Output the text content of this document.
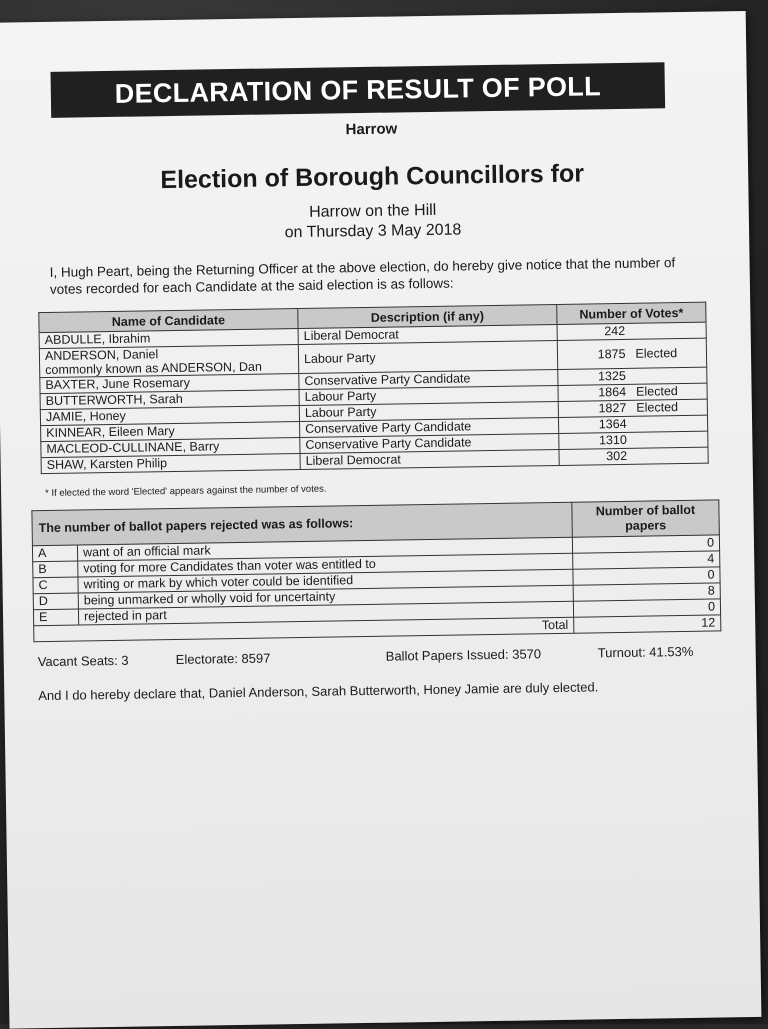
DECLARATION OF RESULT OF POLL
Harrow
Election of Borough Councillors for
Harrow on the Hill
on Thursday 3 May 2018
I, Hugh Peart, being the Returning Officer at the above election, do hereby give notice that the number of votes recorded for each Candidate at the said election is as follows:
Name of Candidate	Description (if any)	Number of Votes*
ABDULLE, Ibrahim	Liberal Democrat	242

ANDERSON, Daniel
commonly known as ANDERSON, Dan	Labour Party	1875 Elected
BAXTER, June Rosemary	Conservative Party Candidate	1325
BUTTERWORTH, Sarah	Labour Party	1864 Elected
JAMIE, Honey	Labour Party	1827 Elected
KINNEAR, Eileen Mary	Conservative Party Candidate	1364
MACLEOD-CULLINANE, Barry	Conservative Party Candidate	1310
SHAW, Karsten Philip	Liberal Democrat	302
* If elected the word 'Elected' appears against the number of votes.
The number of ballot papers rejected was as follows:		Number of ballot papers
A	want of an official mark	0
B	voting for more Candidates than voter was entitled to	4
C	writing or mark by which voter could be identified	0
D	being unmarked or wholly void for uncertainty	8
E	rejected in part	0
Total		12
Vacant Seats: 3	Electorate: 8597	Ballot Papers Issued: 3570	Turnout: 41.53%
And I do hereby declare that, Daniel Anderson, Sarah Butterworth, Honey Jamie are duly elected.
